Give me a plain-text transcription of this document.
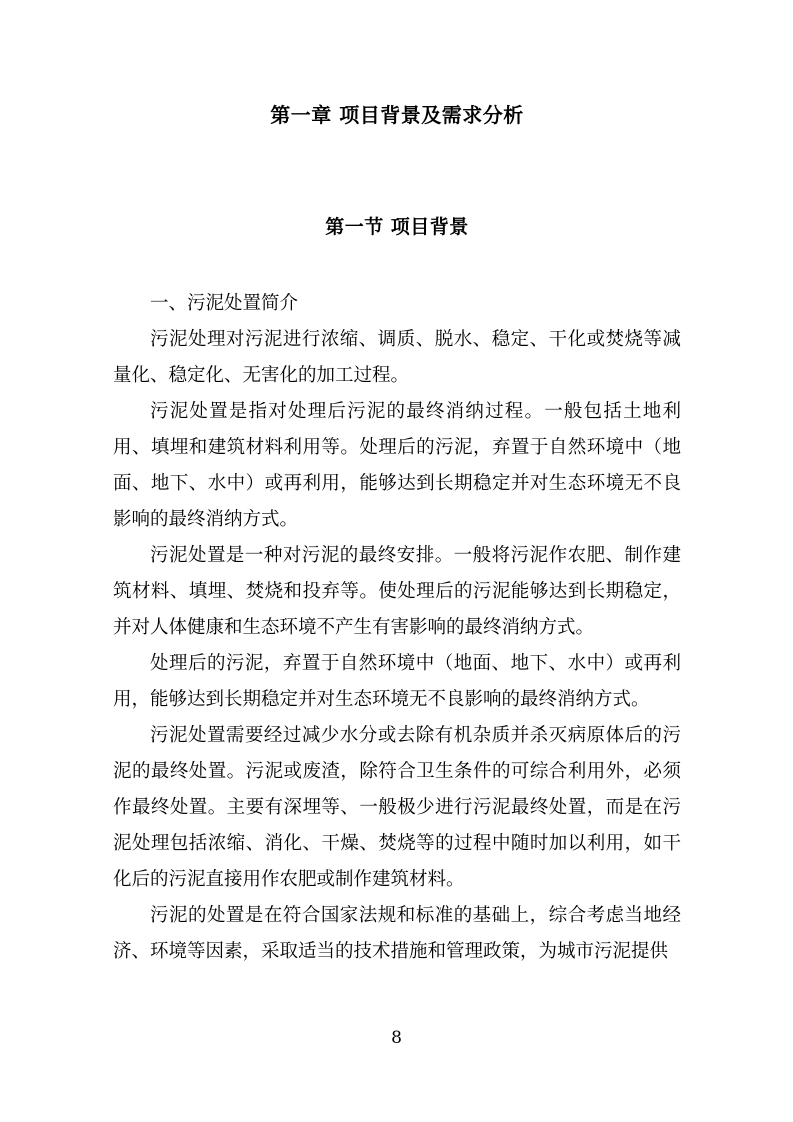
第一章 项目背景及需求分析
第一节 项目背景

一、污泥处置简介

污泥处理对污泥进行浓缩、调质、脱水、稳定、干化或焚烧等减量化、稳定化、无害化的加工过程。

污泥处置是指对处理后污泥的最终消纳过程。一般包括土地利用、填埋和建筑材料利用等。处理后的污泥，弃置于自然环境中（地面、地下、水中）或再利用，能够达到长期稳定并对生态环境无不良影响的最终消纳方式。

污泥处置是一种对污泥的最终安排。一般将污泥作农肥、制作建筑材料、填埋、焚烧和投弃等。使处理后的污泥能够达到长期稳定，并对人体健康和生态环境不产生有害影响的最终消纳方式。

处理后的污泥，弃置于自然环境中（地面、地下、水中）或再利用，能够达到长期稳定并对生态环境无不良影响的最终消纳方式。

污泥处置需要经过减少水分或去除有机杂质并杀灭病原体后的污泥的最终处置。污泥或废渣，除符合卫生条件的可综合利用外，必须作最终处置。主要有深埋等、一般极少进行污泥最终处置，而是在污泥处理包括浓缩、消化、干燥、焚烧等的过程中随时加以利用，如干化后的污泥直接用作农肥或制作建筑材料。

污泥的处置是在符合国家法规和标准的基础上，综合考虑当地经济、环境等因素，采取适当的技术措施和管理政策，为城市污泥提供

8
